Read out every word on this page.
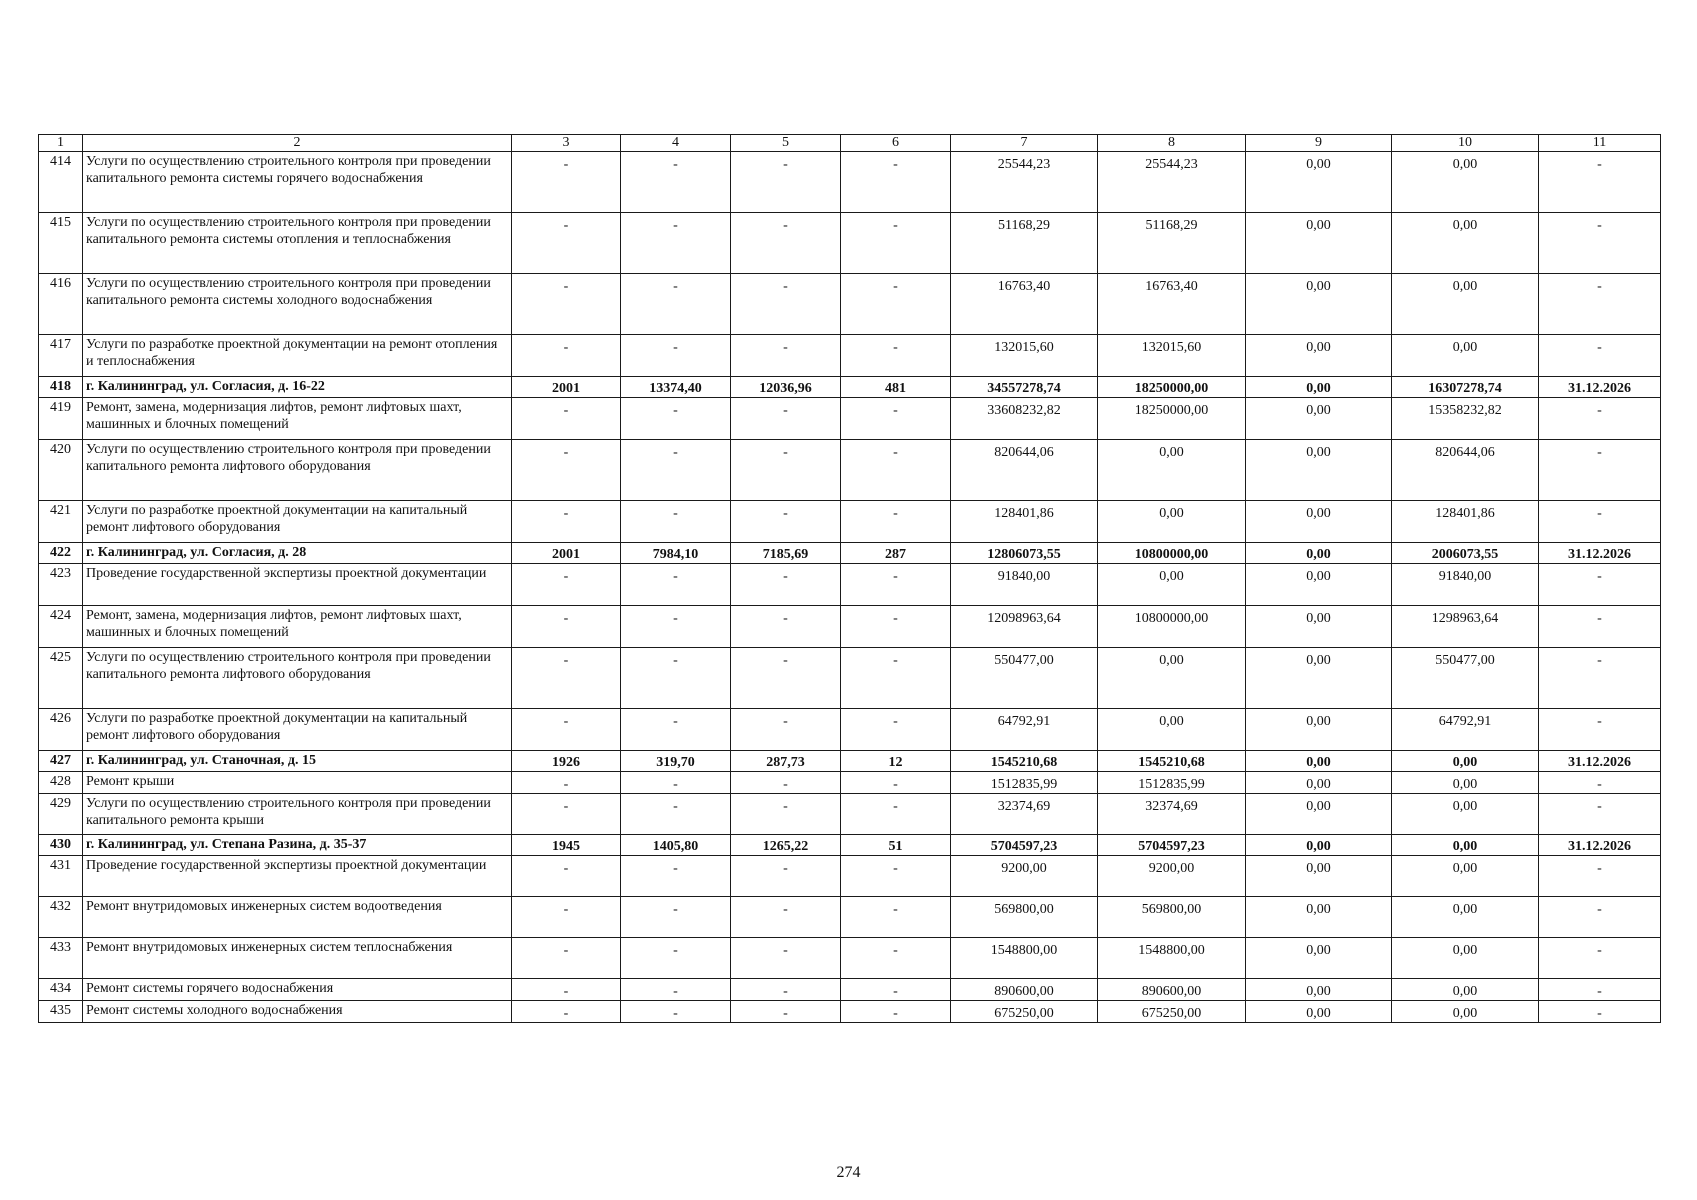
1	2	3	4	5	6	7	8	9	10	11
414	Услуги по осуществлению строительного контроля при проведении капитального ремонта системы горячего водоснабжения	-	-	-	-	25544,23	25544,23	0,00	0,00	-
415	Услуги по осуществлению строительного контроля при проведении капитального ремонта системы отопления и теплоснабжения	-	-	-	-	51168,29	51168,29	0,00	0,00	-
416	Услуги по осуществлению строительного контроля при проведении капитального ремонта системы холодного водоснабжения	-	-	-	-	16763,40	16763,40	0,00	0,00	-
417	Услуги по разработке проектной документации на ремонт отопления и теплоснабжения	-	-	-	-	132015,60	132015,60	0,00	0,00	-
418	г. Калининград, ул. Согласия, д. 16-22	2001	13374,40	12036,96	481	34557278,74	18250000,00	0,00	16307278,74	31.12.2026
419	Ремонт, замена, модернизация лифтов, ремонт лифтовых шахт, машинных и блочных помещений	-	-	-	-	33608232,82	18250000,00	0,00	15358232,82	-
420	Услуги по осуществлению строительного контроля при проведении капитального ремонта лифтового оборудования	-	-	-	-	820644,06	0,00	0,00	820644,06	-
421	Услуги по разработке проектной документации на капитальный ремонт лифтового оборудования	-	-	-	-	128401,86	0,00	0,00	128401,86	-
422	г. Калининград, ул. Согласия, д. 28	2001	7984,10	7185,69	287	12806073,55	10800000,00	0,00	2006073,55	31.12.2026
423	Проведение государственной экспертизы проектной документации	-	-	-	-	91840,00	0,00	0,00	91840,00	-
424	Ремонт, замена, модернизация лифтов, ремонт лифтовых шахт, машинных и блочных помещений	-	-	-	-	12098963,64	10800000,00	0,00	1298963,64	-
425	Услуги по осуществлению строительного контроля при проведении капитального ремонта лифтового оборудования	-	-	-	-	550477,00	0,00	0,00	550477,00	-
426	Услуги по разработке проектной документации на капитальный ремонт лифтового оборудования	-	-	-	-	64792,91	0,00	0,00	64792,91	-
427	г. Калининград, ул. Станочная, д. 15	1926	319,70	287,73	12	1545210,68	1545210,68	0,00	0,00	31.12.2026
428	Ремонт крыши	-	-	-	-	1512835,99	1512835,99	0,00	0,00	-
429	Услуги по осуществлению строительного контроля при проведении капитального ремонта крыши	-	-	-	-	32374,69	32374,69	0,00	0,00	-
430	г. Калининград, ул. Степана Разина, д. 35-37	1945	1405,80	1265,22	51	5704597,23	5704597,23	0,00	0,00	31.12.2026
431	Проведение государственной экспертизы проектной документации	-	-	-	-	9200,00	9200,00	0,00	0,00	-
432	Ремонт внутридомовых инженерных систем водоотведения	-	-	-	-	569800,00	569800,00	0,00	0,00	-
433	Ремонт внутридомовых инженерных систем теплоснабжения	-	-	-	-	1548800,00	1548800,00	0,00	0,00	-
434	Ремонт системы горячего водоснабжения	-	-	-	-	890600,00	890600,00	0,00	0,00	-
435	Ремонт системы холодного водоснабжения	-	-	-	-	675250,00	675250,00	0,00	0,00	-
274
